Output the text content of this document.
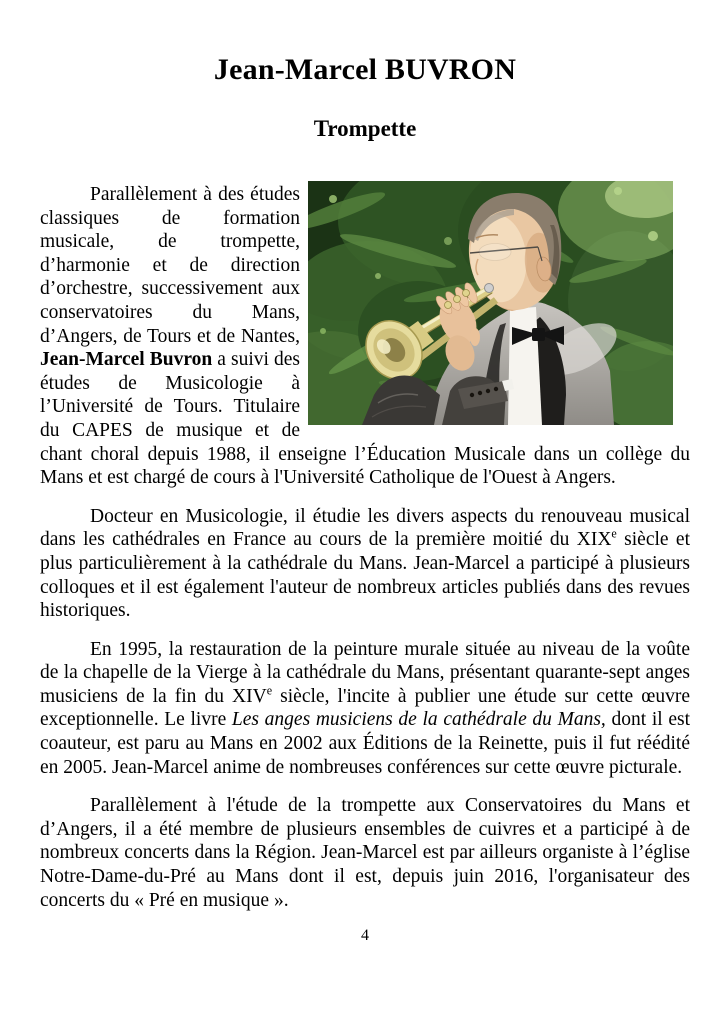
Jean-Marcel BUVRON
Trompette

Parallèlement à des études classiques de formation musicale, de trompette, d’harmonie et de direction d’orchestre, successivement aux conservatoires du Mans, d’Angers, de Tours et de Nantes, Jean-Marcel Buvron a suivi des études de Musicologie à l’Université de Tours. Titulaire du CAPES de musique et de chant choral depuis 1988, il enseigne l’Éducation Musicale dans un collège du Mans et est chargé de cours à l'Université Catholique de l'Ouest à Angers.

Docteur en Musicologie, il étudie les divers aspects du renouveau musical dans les cathédrales en France au cours de la première moitié du XIXe siècle et plus particulièrement à la cathédrale du Mans. Jean-Marcel a participé à plusieurs colloques et il est également l'auteur de nombreux articles publiés dans des revues historiques.

En 1995, la restauration de la peinture murale située au niveau de la voûte de la chapelle de la Vierge à la cathédrale du Mans, présentant quarante-sept anges musiciens de la fin du XIVe siècle, l'incite à publier une étude sur cette œuvre exceptionnelle. Le livre Les anges musiciens de la cathédrale du Mans, dont il est coauteur, est paru au Mans en 2002 aux Éditions de la Reinette, puis il fut réédité en 2005. Jean-Marcel anime de nombreuses conférences sur cette œuvre picturale.

Parallèlement à l'étude de la trompette aux Conservatoires du Mans et d’Angers, il a été membre de plusieurs ensembles de cuivres et a participé à de nombreux concerts dans la Région. Jean-Marcel est par ailleurs organiste à l’église Notre-Dame-du-Pré au Mans dont il est, depuis juin 2016, l'organisateur des concerts du « Pré en musique ».

4
